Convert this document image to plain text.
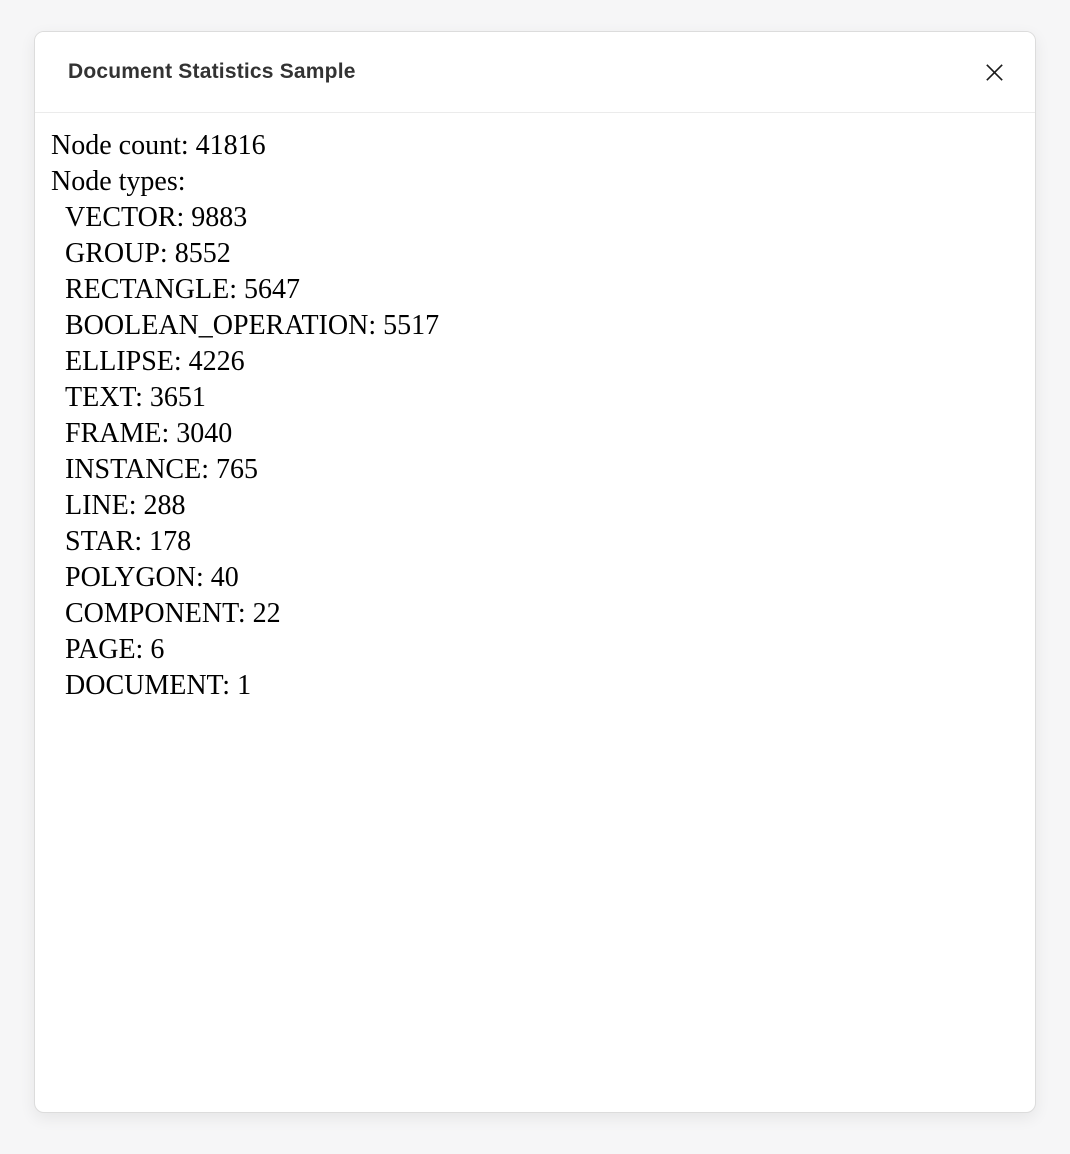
Document Statistics Sample
Node count: 41816
Node types:
VECTOR: 9883
GROUP: 8552
RECTANGLE: 5647
BOOLEAN_OPERATION: 5517
ELLIPSE: 4226
TEXT: 3651
FRAME: 3040
INSTANCE: 765
LINE: 288
STAR: 178
POLYGON: 40
COMPONENT: 22
PAGE: 6
DOCUMENT: 1
